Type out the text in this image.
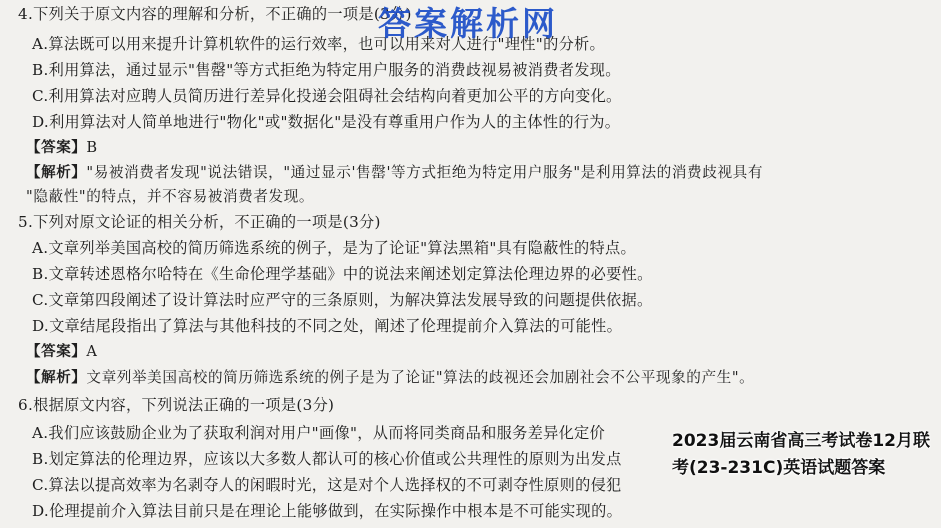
4.下列关于原文内容的理解和分析，不正确的一项是(3分)
A.算法既可以用来提升计算机软件的运行效率，也可以用来对人进行"理性"的分析。
B.利用算法，通过显示"售罄"等方式拒绝为特定用户服务的消费歧视易被消费者发现。
C.利用算法对应聘人员简历进行差异化投递会阻碍社会结构向着更加公平的方向变化。
D.利用算法对人简单地进行"物化"或"数据化"是没有尊重用户作为人的主体性的行为。
【答案】B
【解析】"易被消费者发现"说法错误，"通过显示'售罄'等方式拒绝为特定用户服务"是利用算法的消费歧视具有
"隐蔽性"的特点，并不容易被消费者发现。
5.下列对原文论证的相关分析，不正确的一项是(3分)
A.文章列举美国高校的简历筛选系统的例子，是为了论证"算法黑箱"具有隐蔽性的特点。
B.文章转述恩格尔哈特在《生命伦理学基础》中的说法来阐述划定算法伦理边界的必要性。
C.文章第四段阐述了设计算法时应严守的三条原则，为解决算法发展导致的问题提供依据。
D.文章结尾段指出了算法与其他科技的不同之处，阐述了伦理提前介入算法的可能性。
【答案】A
【解析】文章列举美国高校的简历筛选系统的例子是为了论证"算法的歧视还会加剧社会不公平现象的产生"。
6.根据原文内容，下列说法正确的一项是(3分)
A.我们应该鼓励企业为了获取利润对用户"画像"，从而将同类商品和服务差异化定价
B.划定算法的伦理边界，应该以大多数人都认可的核心价值或公共理性的原则为出发点
C.算法以提高效率为名剥夺人的闲暇时光，这是对个人选择权的不可剥夺性原则的侵犯
D.伦理提前介入算法目前只是在理论上能够做到，在实际操作中根本是不可能实现的。
答案解析网
2023届云南省高三考试卷12月联考(23-231C)英语试题答案
